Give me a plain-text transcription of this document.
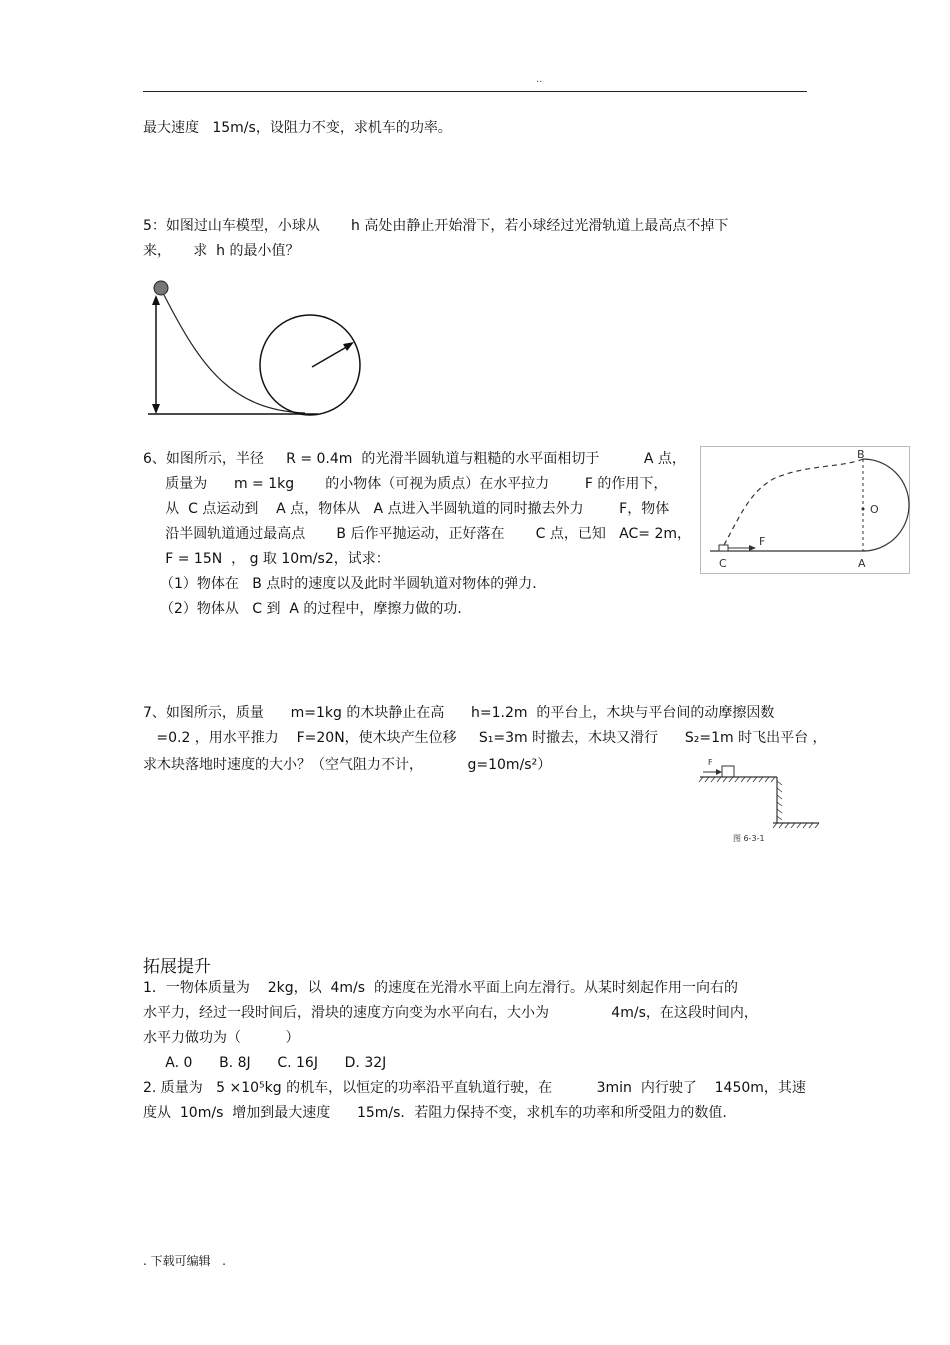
..
最大速度   15m/s，设阻力不变，求机车的功率。
5：如图过山车模型，小球从       h 高处由静止开始滑下，若小球经过光滑轨道上最高点不掉下
来，     求  h 的最小值？
6、如图所示，半径     R = 0.4m  的光滑半圆轨道与粗糙的水平面相切于          A 点，
质量为      m = 1kg       的小物体（可视为质点）在水平拉力        F 的作用下，
从  C 点运动到    A 点，物体从   A 点进入半圆轨道的同时撤去外力        F，物体
沿半圆轨道通过最高点       B 后作平抛运动，正好落在       C 点，已知   AC= 2m，
F = 15N  ， g 取 10m/s2，试求：
（1）物体在   B 点时的速度以及此时半圆轨道对物体的弹力．
（2）物体从   C 到  A 的过程中，摩擦力做的功．
F
B
O
C	A
7、如图所示，质量      m=1kg 的木块静止在高      h=1.2m  的平台上，木块与平台间的动摩擦因数
=0.2 ，用水平推力    F=20N，使木块产生位移     S₁=3m 时撤去，木块又滑行      S₂=1m 时飞出平台 ，
求木块落地时速度的大小？（空气阻力不计，          g=10m/s²）	F
图 6-3-1
拓展提升
1．一物体质量为    2kg，以  4m/s  的速度在光滑水平面上向左滑行。从某时刻起作用一向右的
水平力，经过一段时间后，滑块的速度方向变为水平向右，大小为              4m/s，在这段时间内，
水平力做功为（          ）
A. 0      B. 8J      C. 16J      D. 32J
2. 质量为   5 ×10⁵kg 的机车，以恒定的功率沿平直轨道行驶，在          3min  内行驶了    1450m，其速
度从  10m/s  增加到最大速度      15m/s．若阻力保持不变，求机车的功率和所受阻力的数值.
. 下载可编辑   .
